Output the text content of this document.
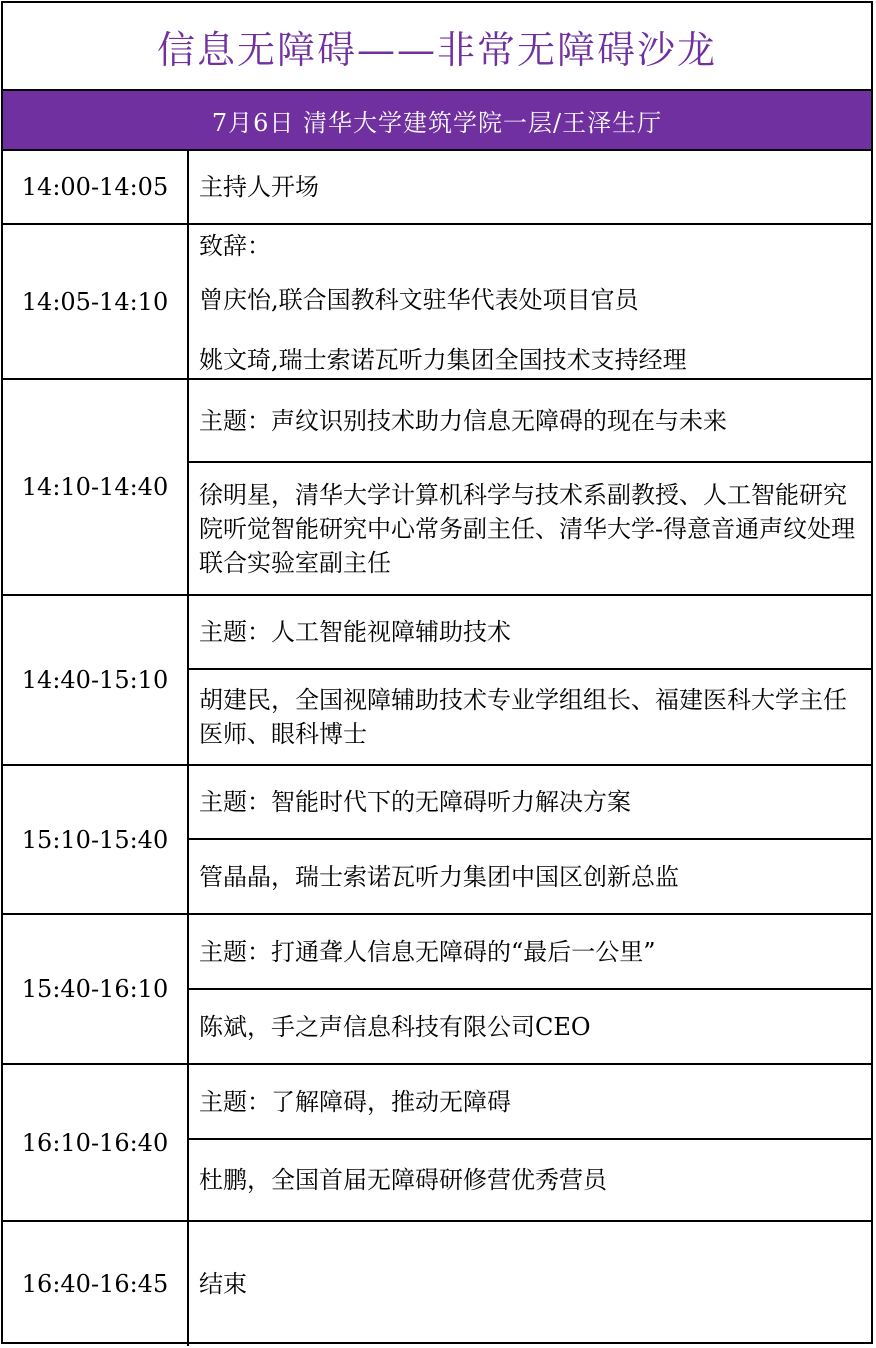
信息无障碍——非常无障碍沙龙
7月6日 清华大学建筑学院一层/王泽生厅
14:00-14:05	主持人开场
14:05-14:10
致辞：
曾庆怡,联合国教科文驻华代表处项目官员
姚文琦,瑞士索诺瓦听力集团全国技术支持经理
14:10-14:40
主题：声纹识别技术助力信息无障碍的现在与未来
徐明星，清华大学计算机科学与技术系副教授、人工智能研究院听觉智能研究中心常务副主任、清华大学-得意音通声纹处理联合实验室副主任
14:40-15:10
主题：人工智能视障辅助技术
胡建民，全国视障辅助技术专业学组组长、福建医科大学主任医师、眼科博士
15:10-15:40
主题：智能时代下的无障碍听力解决方案
管晶晶，瑞士索诺瓦听力集团中国区创新总监
15:40-16:10
主题：打通聋人信息无障碍的“最后一公里”
陈斌，手之声信息科技有限公司CEO
16:10-16:40
主题：了解障碍，推动无障碍
杜鹏，全国首届无障碍研修营优秀营员
16:40-16:45	结束
